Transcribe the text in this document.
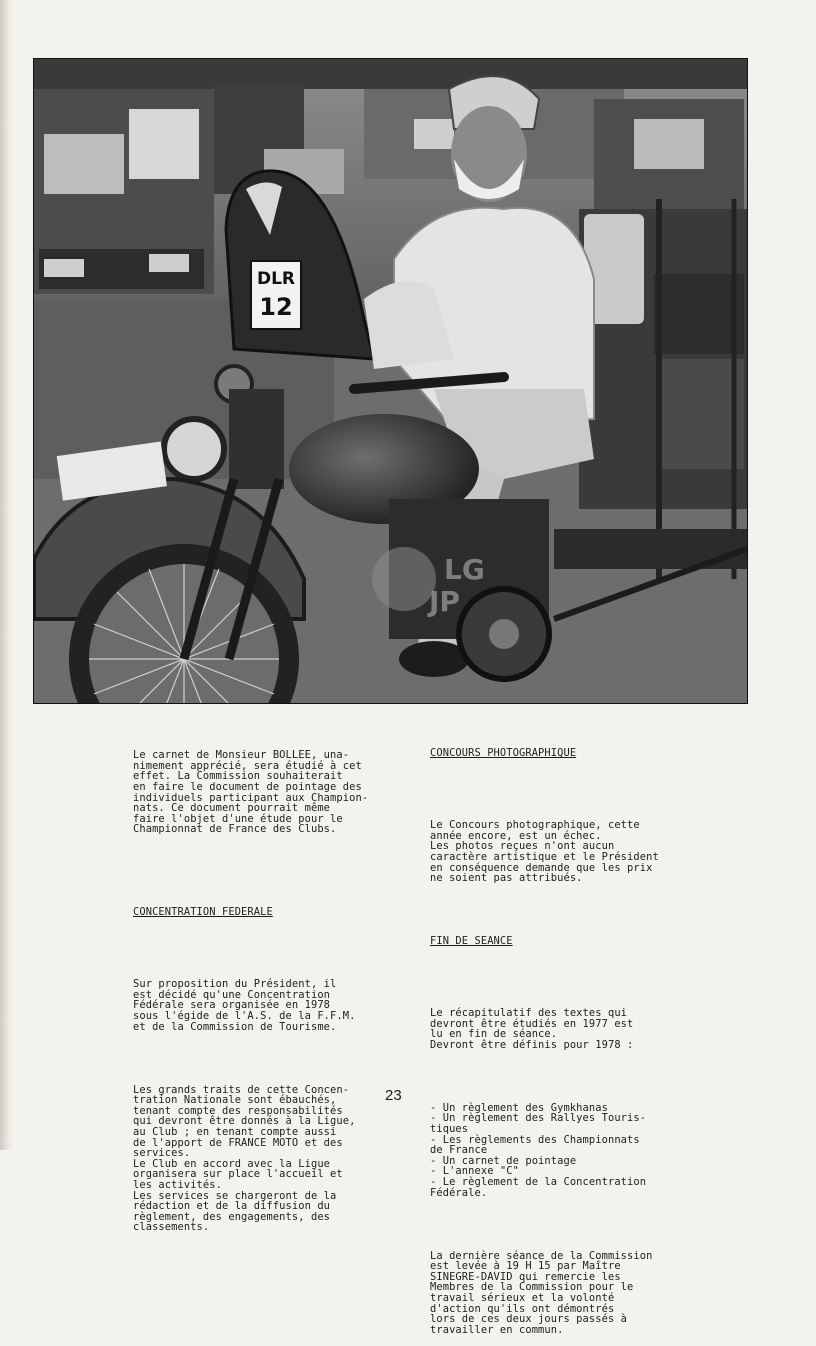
DLR
12
LG
JP

Le carnet de Monsieur BOLLEE, una-
nimement apprécié, sera étudié à cet
effet. La Commission souhaiterait
en faire le document de pointage des
individuels participant aux Champion-
nats. Ce document pourrait même
faire l'objet d'une étude pour le
Championnat de France des Clubs.

CONCENTRATION FEDERALE

Sur proposition du Président, il
est décidé qu'une Concentration
Fédérale sera organisée en 1978
sous l'égide de l'A.S. de la F.F.M.
et de la Commission de Tourisme.

Les grands traits de cette Concen-
tration Nationale sont ébauchés,
tenant compte des responsabilités
qui devront être donnés à la Ligue,
au Club ; en tenant compte aussi
de l'apport de FRANCE MOTO et des
services.
Le Club en accord avec la Ligue
organisera sur place l'accueil et
les activités.
Les services se chargeront de la
rédaction et de la diffusion du
règlement, des engagements, des
classements.

CONCOURS PHOTOGRAPHIQUE

Le Concours photographique, cette
année encore, est un échec.
Les photos reçues n'ont aucun
caractère artistique et le Président
en conséquence demande que les prix
ne soient pas attribués.

FIN DE SEANCE

Le récapitulatif des textes qui
devront être étudiés en 1977 est
lu en fin de séance.
Devront être définis pour 1978 :

- Un règlement des Gymkhanas
- Un règlement des Rallyes Touris-
tiques
- Les règlements des Championnats
de France
- Un carnet de pointage
- L'annexe "C"
- Le règlement de la Concentration
Fédérale.

La dernière séance de la Commission
est levée à 19 H 15 par Maître
SINEGRE-DAVID qui remercie les
Membres de la Commission pour le
travail sérieux et la volonté
d'action qu'ils ont démontrés
lors de ces deux jours passés à
travailler en commun.

23
